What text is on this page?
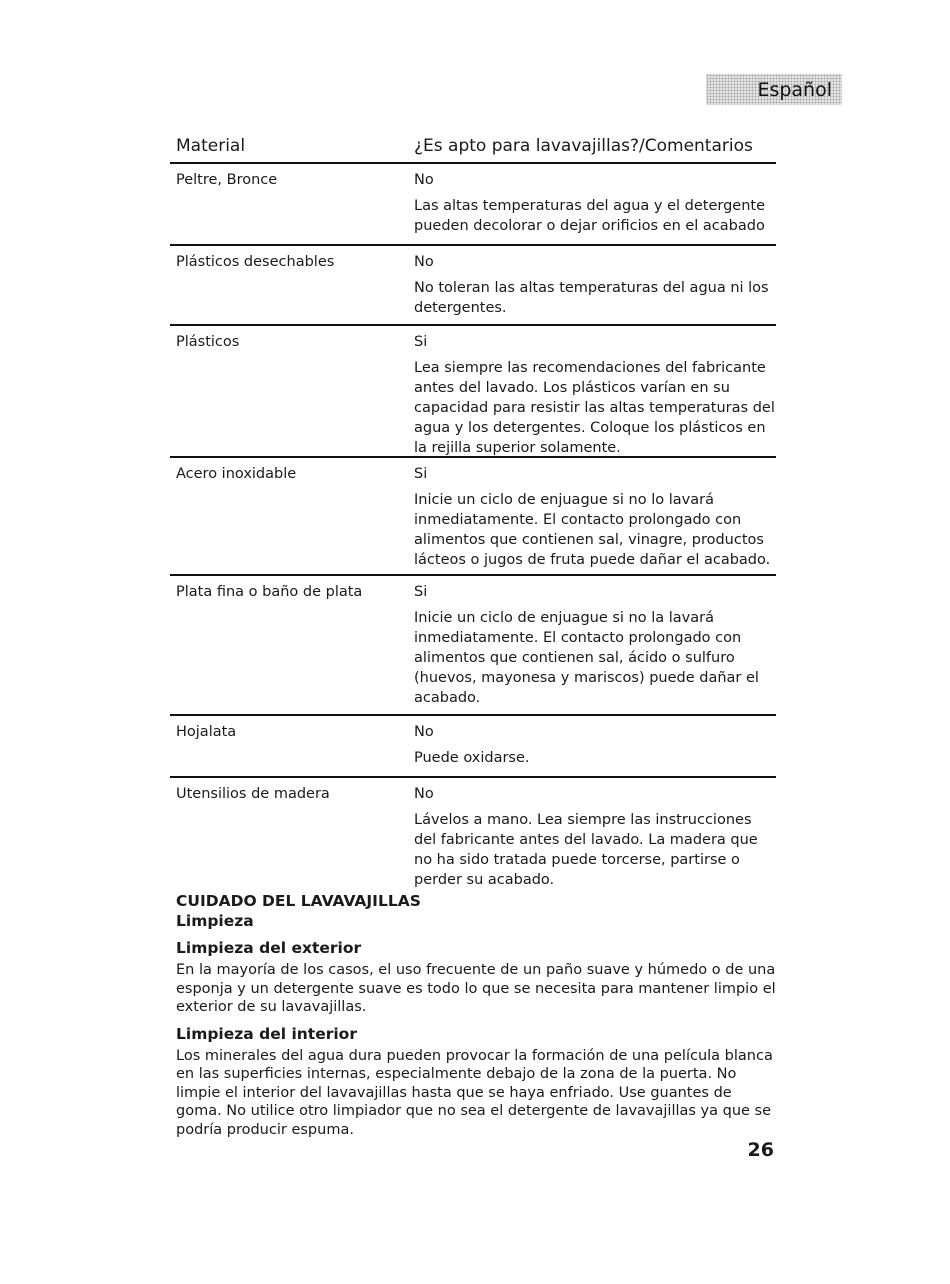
Español
Material	¿Es apto para lavavajillas?/Comentarios
Peltre, Bronce	No
Las altas temperaturas del agua y el detergente pueden decolorar o dejar orificios en el acabado
Plásticos desechables	No
No toleran las altas temperaturas del agua ni los detergentes.
Plásticos	Si
Lea siempre las recomendaciones del fabricante antes del lavado. Los plásticos varían en su capacidad para resistir las altas temperaturas del agua y los detergentes. Coloque los plásticos en la rejilla superior solamente.
Acero inoxidable	Si
Inicie un ciclo de enjuague si no lo lavará inmediatamente. El contacto prolongado con alimentos que contienen sal, vinagre, productos lácteos o jugos de fruta puede dañar el acabado.
Plata fina o baño de plata	Si
Inicie un ciclo de enjuague si no la lavará inmediatamente. El contacto prolongado con alimentos que contienen sal, ácido o sulfuro (huevos, mayonesa y mariscos) puede dañar el acabado.
Hojalata	No
Puede oxidarse.
Utensilios de madera	No
Lávelos a mano. Lea siempre las instrucciones del fabricante antes del lavado. La madera que no ha sido tratada puede torcerse, partirse o perder su acabado.
CUIDADO DEL LAVAVAJILLAS
Limpieza
Limpieza del exterior
En la mayoría de los casos, el uso frecuente de un paño suave y húmedo o de una esponja y un detergente suave es todo lo que se necesita para mantener limpio el exterior de su lavavajillas.
Limpieza del interior
Los minerales del agua dura pueden provocar la formación de una película blanca en las superficies internas, especialmente debajo de la zona de la puerta. No limpie el interior del lavavajillas hasta que se haya enfriado. Use guantes de goma. No utilice otro limpiador que no sea el detergente de lavavajillas ya que se podría producir espuma.
26
